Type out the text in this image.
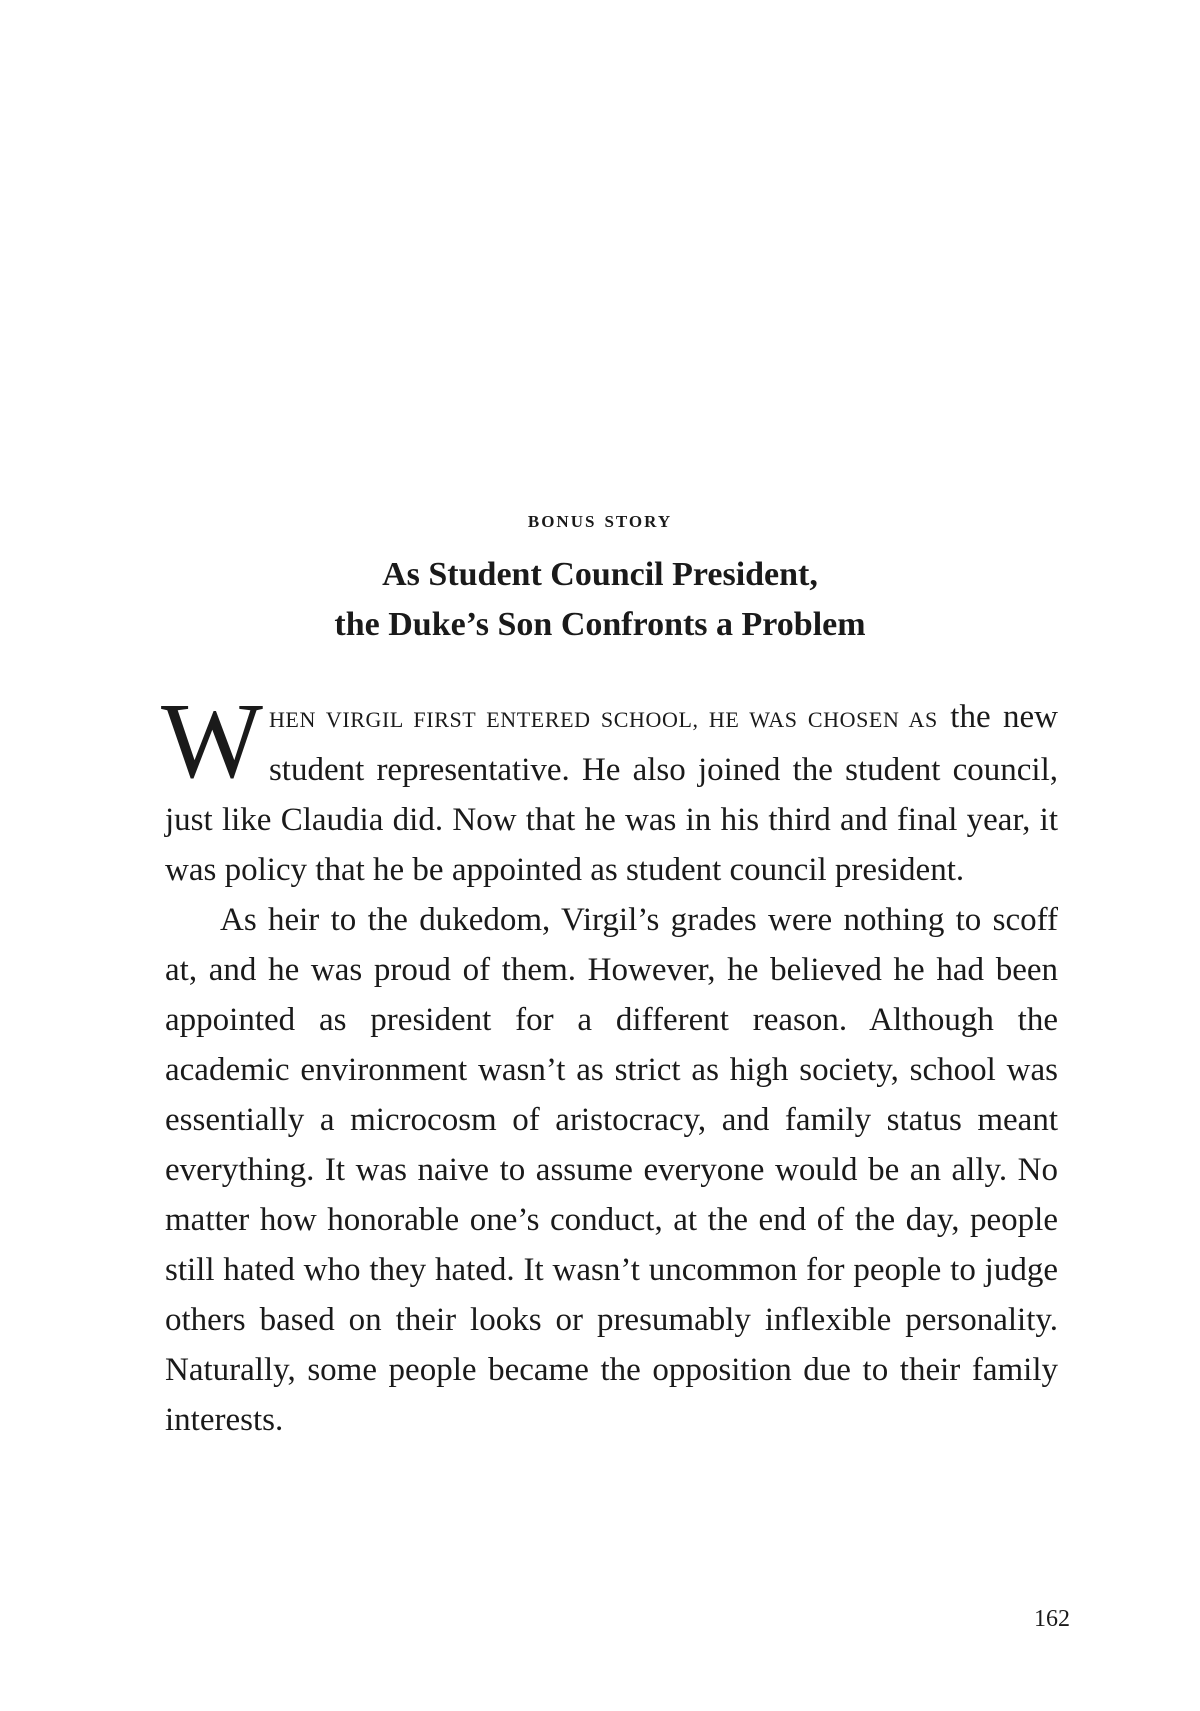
bonus story
As Student Council President,
the Duke’s Son Confronts a Problem

WHEN VIRGIL FIRST ENTERED SCHOOL, HE WAS CHOSEN AS the new student representative. He also joined the student council, just like Claudia did. Now that he was in his third and final year, it was policy that he be appointed as student council president.

As heir to the dukedom, Virgil’s grades were nothing to scoff at, and he was proud of them. However, he believed he had been appointed as president for a different reason. Although the academic environment wasn’t as strict as high society, school was essentially a microcosm of aristocracy, and family status meant everything. It was naive to assume everyone would be an ally. No matter how honorable one’s conduct, at the end of the day, people still hated who they hated. It wasn’t uncommon for people to judge others based on their looks or presumably inflexible personality. Naturally, some people became the opposition due to their family interests.

162
